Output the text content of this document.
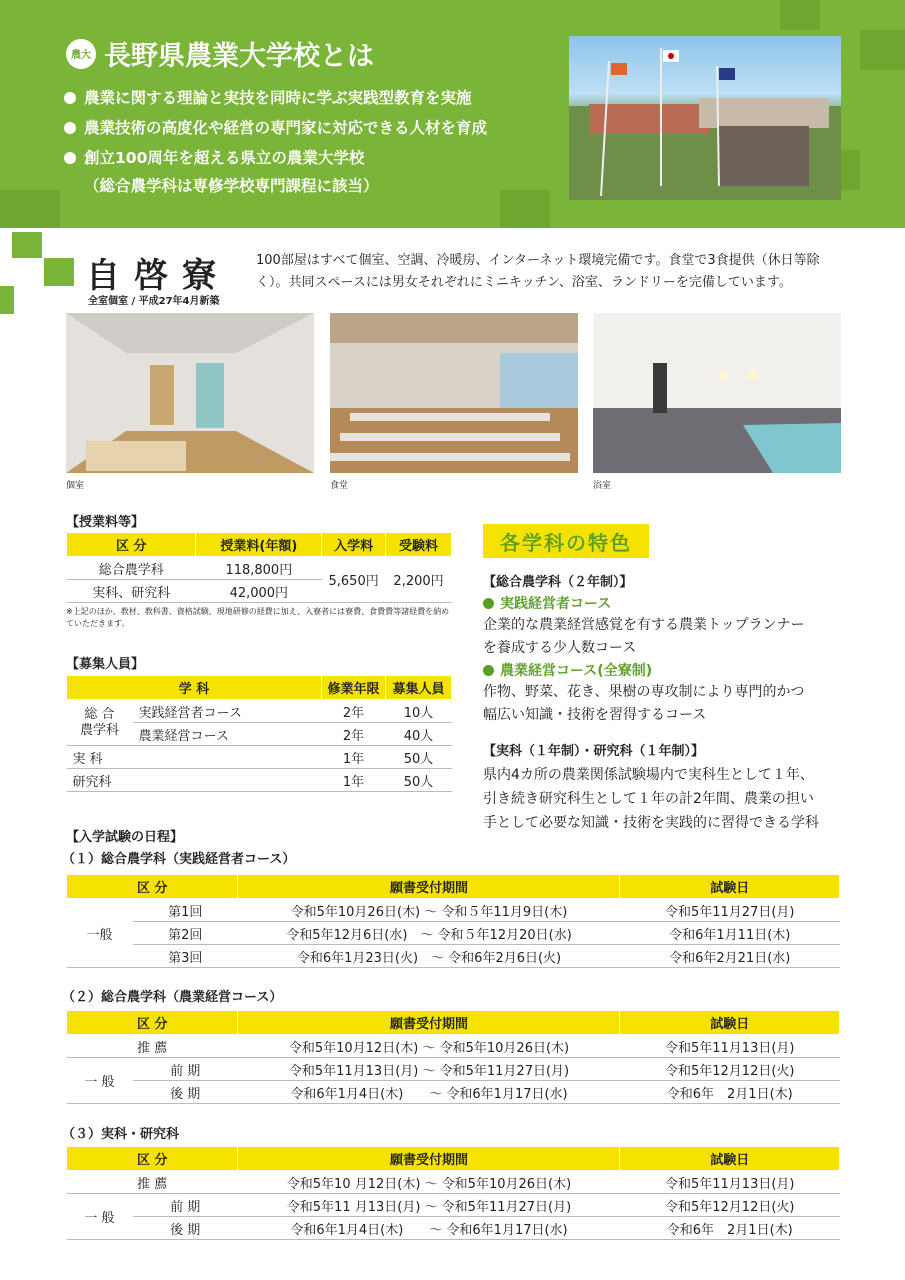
農大 長野県農業大学校とは
農業に関する理論と実技を同時に学ぶ実践型教育を実施
農業技術の高度化や経営の専門家に対応できる人材を育成
創立100周年を超える県立の農業大学校
（総合農学科は専修学校専門課程に該当）
自啓寮
全室個室 / 平成27年4月新築
100部屋はすべて個室、空調、冷暖房、インターネット環境完備です。食堂で3食提供（休日等除く）。共同スペースには男女それぞれにミニキッチン、浴室、ランドリーを完備しています。
個室	食堂	浴室
【授業料等】
区 分	授業料(年額)	入学料	受験料
総合農学科	118,800円	5,650円	2,200円
実科、研究科	42,000円		
※上記のほか、教材、教科書、資格試験、現地研修の経費に加え、入寮者には寮費、食費費等諸経費を納めていただきます。
【募集人員】
学 科		修業年限	募集人員
総 合
農学科	実践経営者コース	2年	10人
	農業経営コース	2年	40人
実 科		1年	50人
研究科		1年	50人
各学科の特色
【総合農学科（２年制）】
実践経営者コース
企業的な農業経営感覚を有する農業トップランナー
を養成する少人数コース
農業経営コース(全寮制)
作物、野菜、花き、果樹の専攻制により専門的かつ
幅広い知識・技術を習得するコース
【実科（１年制）・研究科（１年制）】
県内4カ所の農業関係試験場内で実科生として１年、
引き続き研究科生として１年の計2年間、農業の担い
手として必要な知識・技術を実践的に習得できる学科
【入学試験の日程】
（１）総合農学科（実践経営者コース）
区 分		願書受付期間	試験日
一般	第1回	令和5年10月26日(木) ～ 令和５年11月9日(木)	令和5年11月27日(月)
	第2回	令和5年12月6日(水)　～ 令和５年12月20日(水)	令和6年1月11日(木)
	第3回	令和6年1月23日(火)　～ 令和6年2月6日(火)	令和6年2月21日(水)
（２）総合農学科（農業経営コース）
区 分		願書受付期間	試験日
推 薦		令和5年10月12日(木) ～ 令和5年10月26日(木)	令和5年11月13日(月)
一 般	前 期	令和5年11月13日(月) ～ 令和5年11月27日(月)	令和5年12月12日(火)
	後 期	令和6年1月4日(木)　　～ 令和6年1月17日(水)	令和6年　2月1日(木)
（３）実科・研究科
区 分		願書受付期間	試験日
推 薦		令和5年10 月12日(木) ～ 令和5年10月26日(木)	令和5年11月13日(月)
一 般	前 期	令和5年11 月13日(月) ～ 令和5年11月27日(月)	令和5年12月12日(火)
	後 期	令和6年1月4日(木)　　～ 令和6年1月17日(水)	令和6年　2月1日(木)
